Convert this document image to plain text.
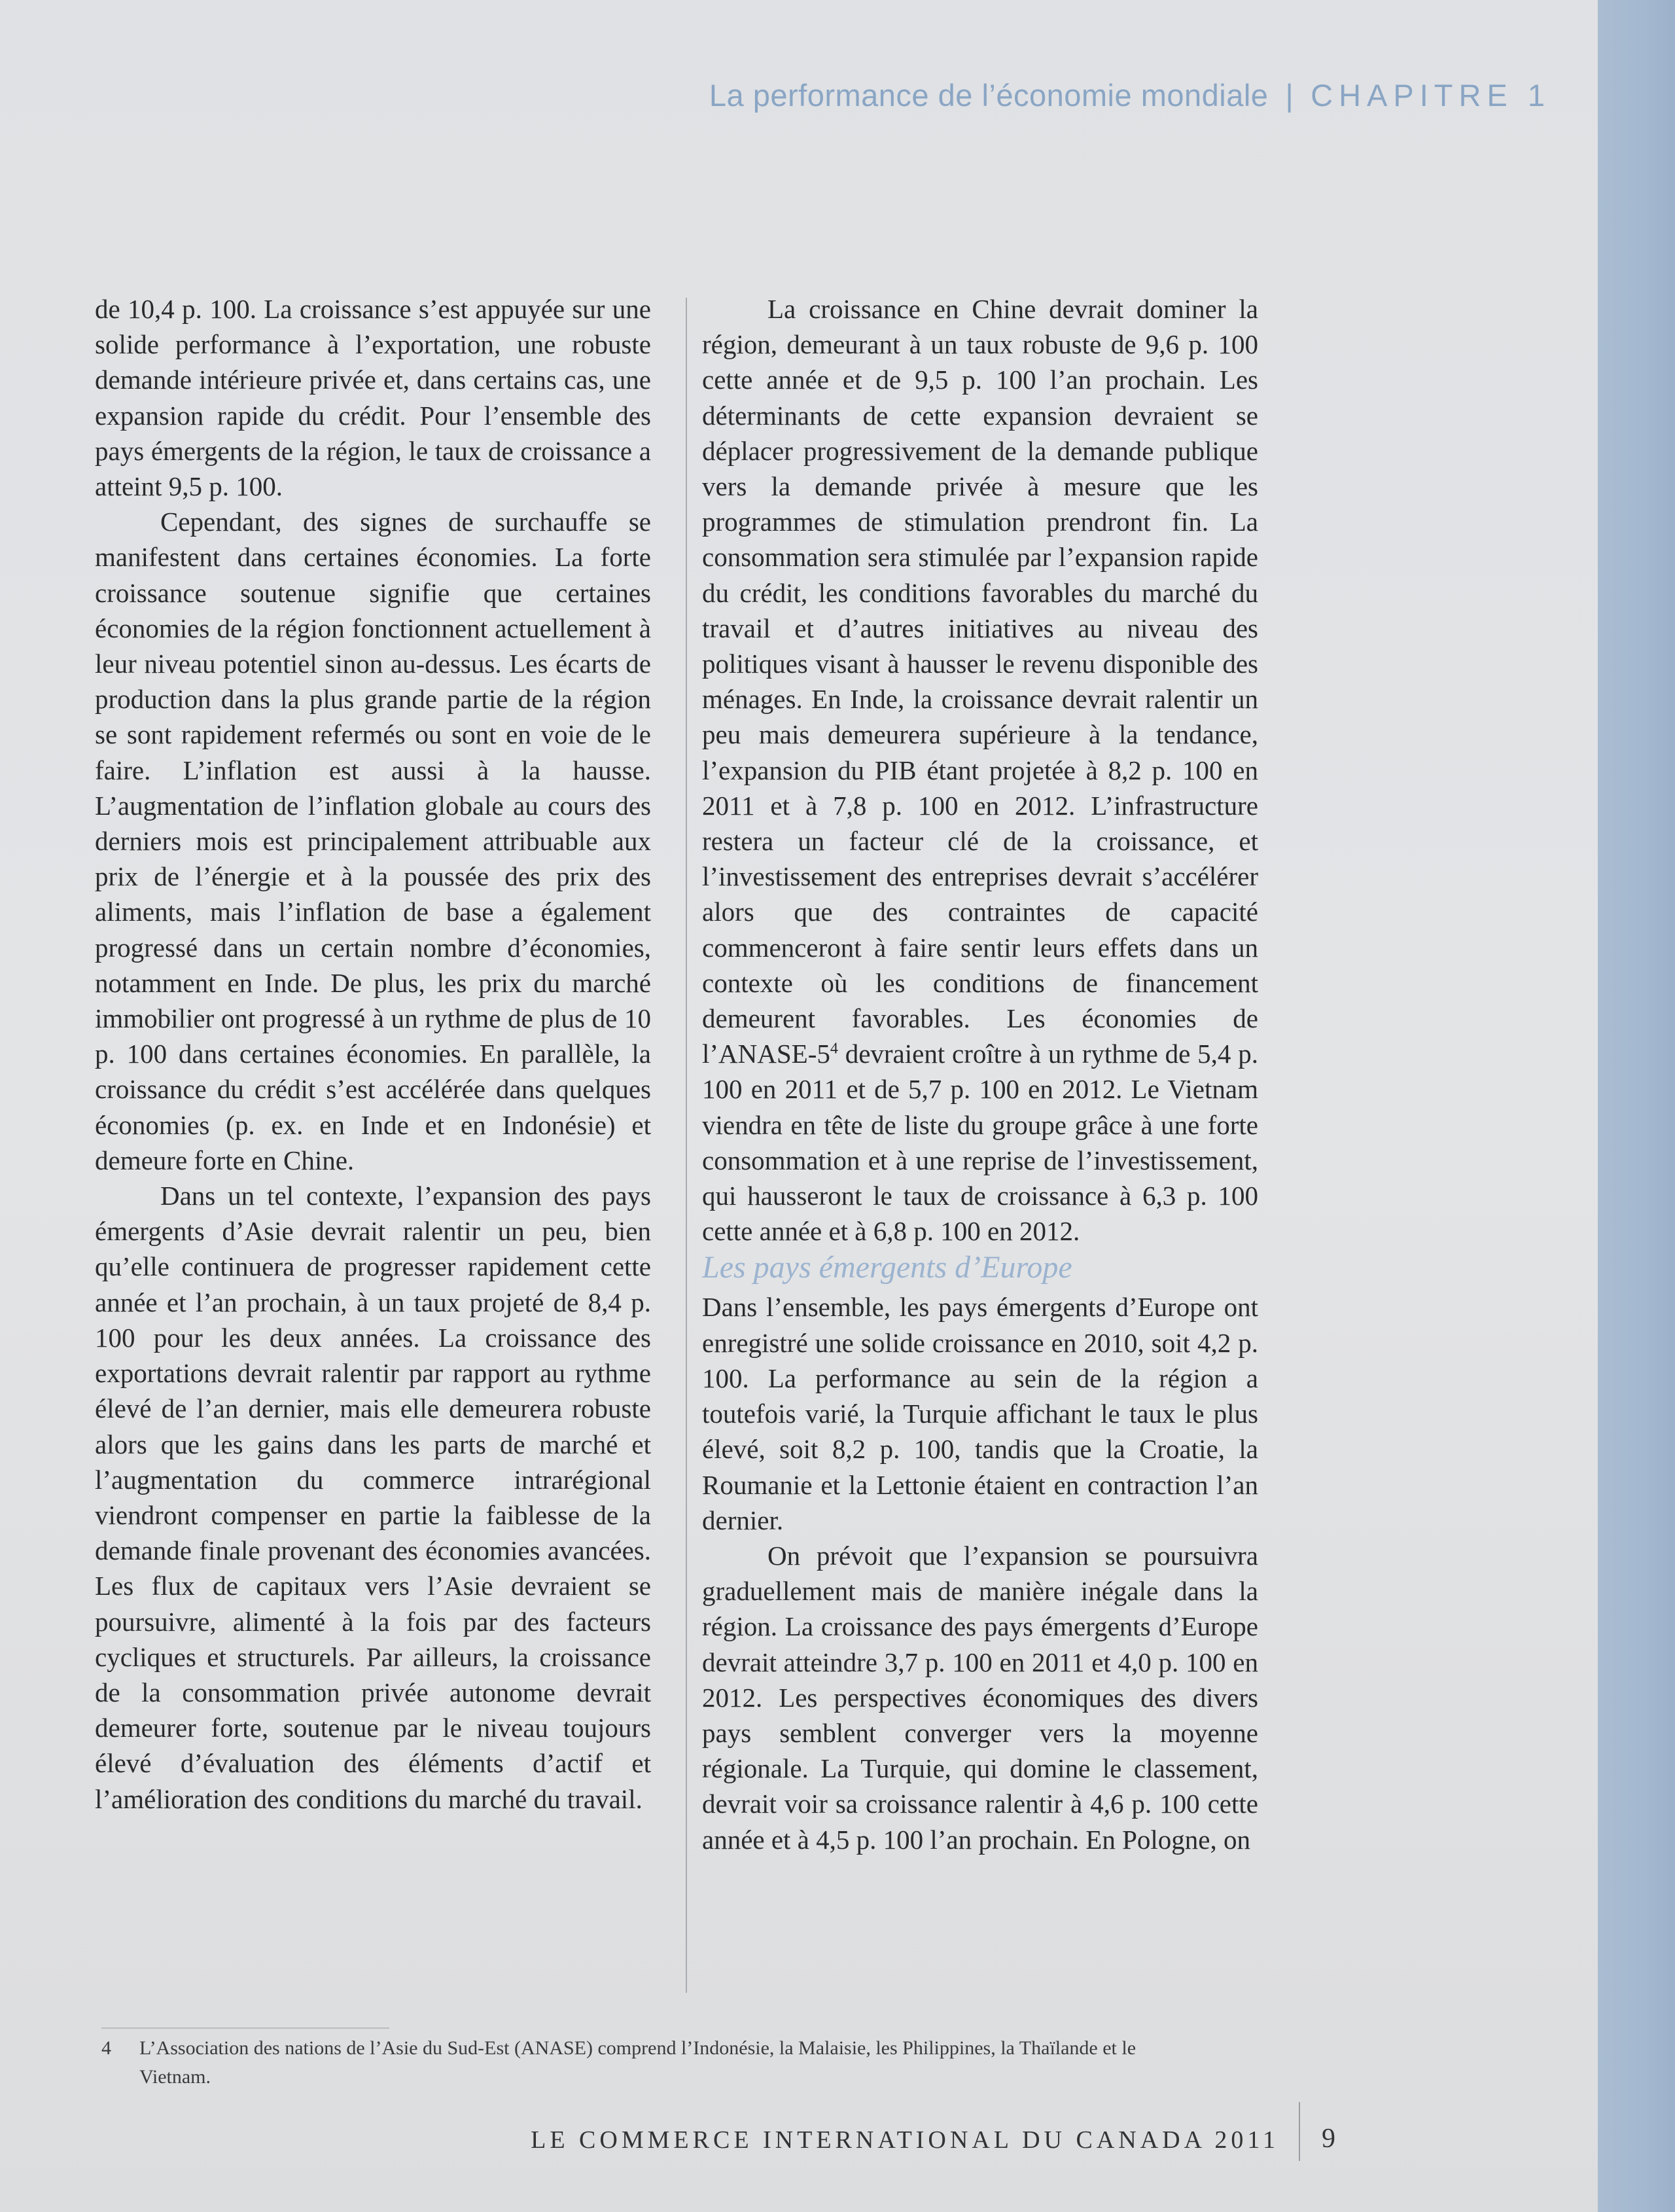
La performance de l’économie mondiale | CHAPITRE 1

de 10,4 p. 100. La croissance s’est appuyée sur une solide performance à l’exportation, une robuste demande intérieure privée et, dans certains cas, une expansion rapide du crédit. Pour l’ensemble des pays émergents de la région, le taux de croissance a atteint 9,5 p. 100.

Cependant, des signes de surchauffe se manifestent dans certaines économies. La forte croissance soutenue signifie que certaines économies de la région fonctionnent actuellement à leur niveau potentiel sinon au-dessus. Les écarts de production dans la plus grande partie de la région se sont rapidement refermés ou sont en voie de le faire. L’inflation est aussi à la hausse. L’augmentation de l’inflation globale au cours des derniers mois est principalement attribuable aux prix de l’énergie et à la poussée des prix des aliments, mais l’inflation de base a également progressé dans un certain nombre d’économies, notamment en Inde. De plus, les prix du marché immobilier ont progressé à un rythme de plus de 10 p. 100 dans certaines économies. En parallèle, la croissance du crédit s’est accélérée dans quelques économies (p. ex. en Inde et en Indonésie) et demeure forte en Chine.

Dans un tel contexte, l’expansion des pays émergents d’Asie devrait ralentir un peu, bien qu’elle continuera de progresser rapidement cette année et l’an prochain, à un taux projeté de 8,4 p. 100 pour les deux années. La croissance des exportations devrait ralentir par rapport au rythme élevé de l’an dernier, mais elle demeurera robuste alors que les gains dans les parts de marché et l’augmentation du commerce intrarégional viendront compenser en partie la faiblesse de la demande finale provenant des économies avancées. Les flux de capitaux vers l’Asie devraient se poursuivre, alimenté à la fois par des facteurs cycliques et structurels. Par ailleurs, la croissance de la consommation privée autonome devrait demeurer forte, soutenue par le niveau toujours élevé d’évaluation des éléments d’actif et l’amélioration des conditions du marché du travail.

La croissance en Chine devrait dominer la région, demeurant à un taux robuste de 9,6 p. 100 cette année et de 9,5 p. 100 l’an prochain. Les déterminants de cette expansion devraient se déplacer progressivement de la demande publique vers la demande privée à mesure que les programmes de stimulation prendront fin. La consommation sera stimulée par l’expansion rapide du crédit, les conditions favorables du marché du travail et d’autres initiatives au niveau des politiques visant à hausser le revenu disponible des ménages. En Inde, la croissance devrait ralentir un peu mais demeurera supérieure à la tendance, l’expansion du PIB étant projetée à 8,2 p. 100 en 2011 et à 7,8 p. 100 en 2012. L’infrastructure restera un facteur clé de la croissance, et l’investissement des entreprises devrait s’accélérer alors que des contraintes de capacité commenceront à faire sentir leurs effets dans un contexte où les conditions de financement demeurent favorables. Les économies de $l’ANASE-5^4$ devraient croître à un rythme de 5,4 p. 100 en 2011 et de 5,7 p. 100 en 2012. Le Vietnam viendra en tête de liste du groupe grâce à une forte consommation et à une reprise de l’investissement, qui hausseront le taux de croissance à 6,3 p. 100 cette année et à 6,8 p. 100 en 2012.

Les pays émergents d’Europe

Dans l’ensemble, les pays émergents d’Europe ont enregistré une solide croissance en 2010, soit 4,2 p. 100. La performance au sein de la région a toutefois varié, la Turquie affichant le taux le plus élevé, soit 8,2 p. 100, tandis que la Croatie, la Roumanie et la Lettonie étaient en contraction l’an dernier.

On prévoit que l’expansion se poursuivra graduellement mais de manière inégale dans la région. La croissance des pays émergents d’Europe devrait atteindre 3,7 p. 100 en 2011 et 4,0 p. 100 en 2012. Les perspectives économiques des divers pays semblent converger vers la moyenne régionale. La Turquie, qui domine le classement, devrait voir sa croissance ralentir à 4,6 p. 100 cette année et à 4,5 p. 100 l’an prochain. En Pologne, on

4 L’Association des nations de l’Asie du Sud-Est (ANASE) comprend l’Indonésie, la Malaisie, les Philippines, la Thaïlande et le
Vietnam.
LE COMMERCE INTERNATIONAL DU CANADA 2011 9
